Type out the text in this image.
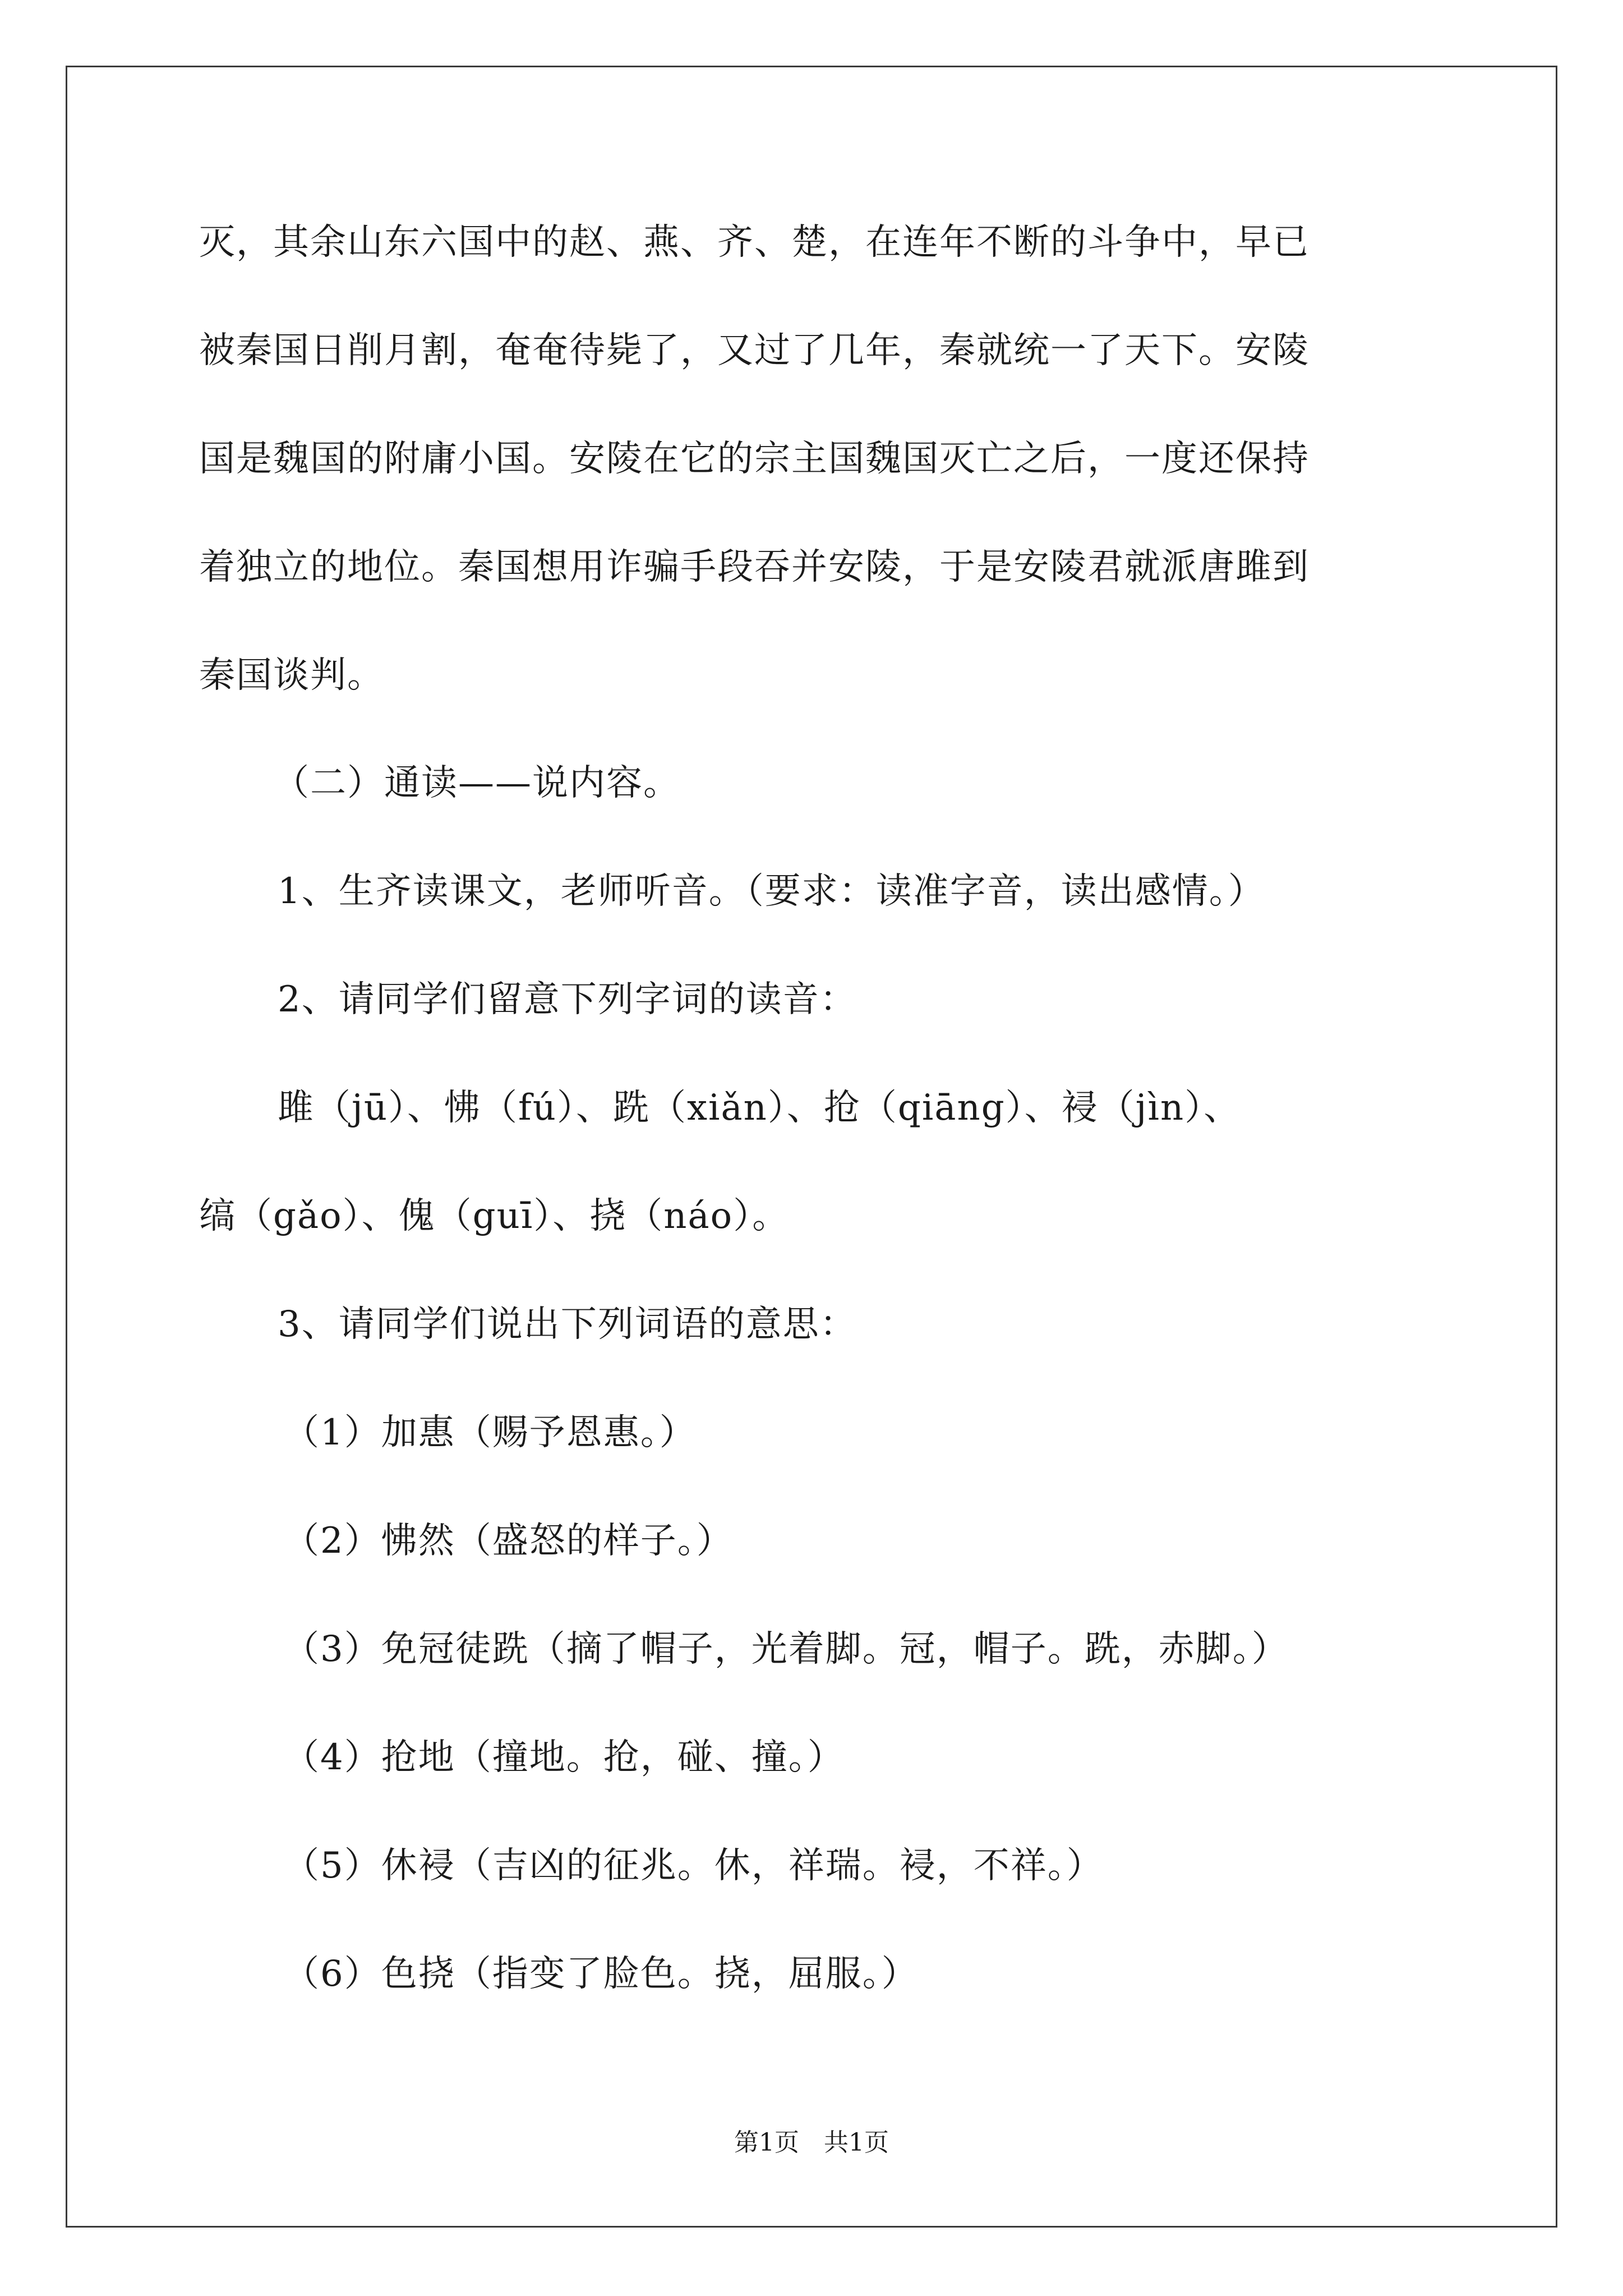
灭，其余山东六国中的赵、燕、齐、楚，在连年不断的斗争中，早已
被秦国日削月割，奄奄待毙了，又过了几年，秦就统一了天下。安陵
国是魏国的附庸小国。安陵在它的宗主国魏国灭亡之后，一度还保持
着独立的地位。秦国想用诈骗手段吞并安陵，于是安陵君就派唐雎到
秦国谈判。
（二）通读——说内容。
1、生齐读课文，老师听音。（要求：读准字音，读出感情。）
2、请同学们留意下列字词的读音：
雎（jū）、怫（fú）、跣（xiǎn）、抢（qiāng）、祲（jìn）、
缟（gǎo）、傀（guī）、挠（náo）。
3、请同学们说出下列词语的意思：
（1）加惠（赐予恩惠。）
（2）怫然（盛怒的样子。）
（3）免冠徒跣（摘了帽子，光着脚。冠，帽子。跣，赤脚。）
（4）抢地（撞地。抢，碰、撞。）
（5）休祲（吉凶的征兆。休，祥瑞。祲，不祥。）
（6）色挠（指变了脸色。挠，屈服。）
第1页　共1页
